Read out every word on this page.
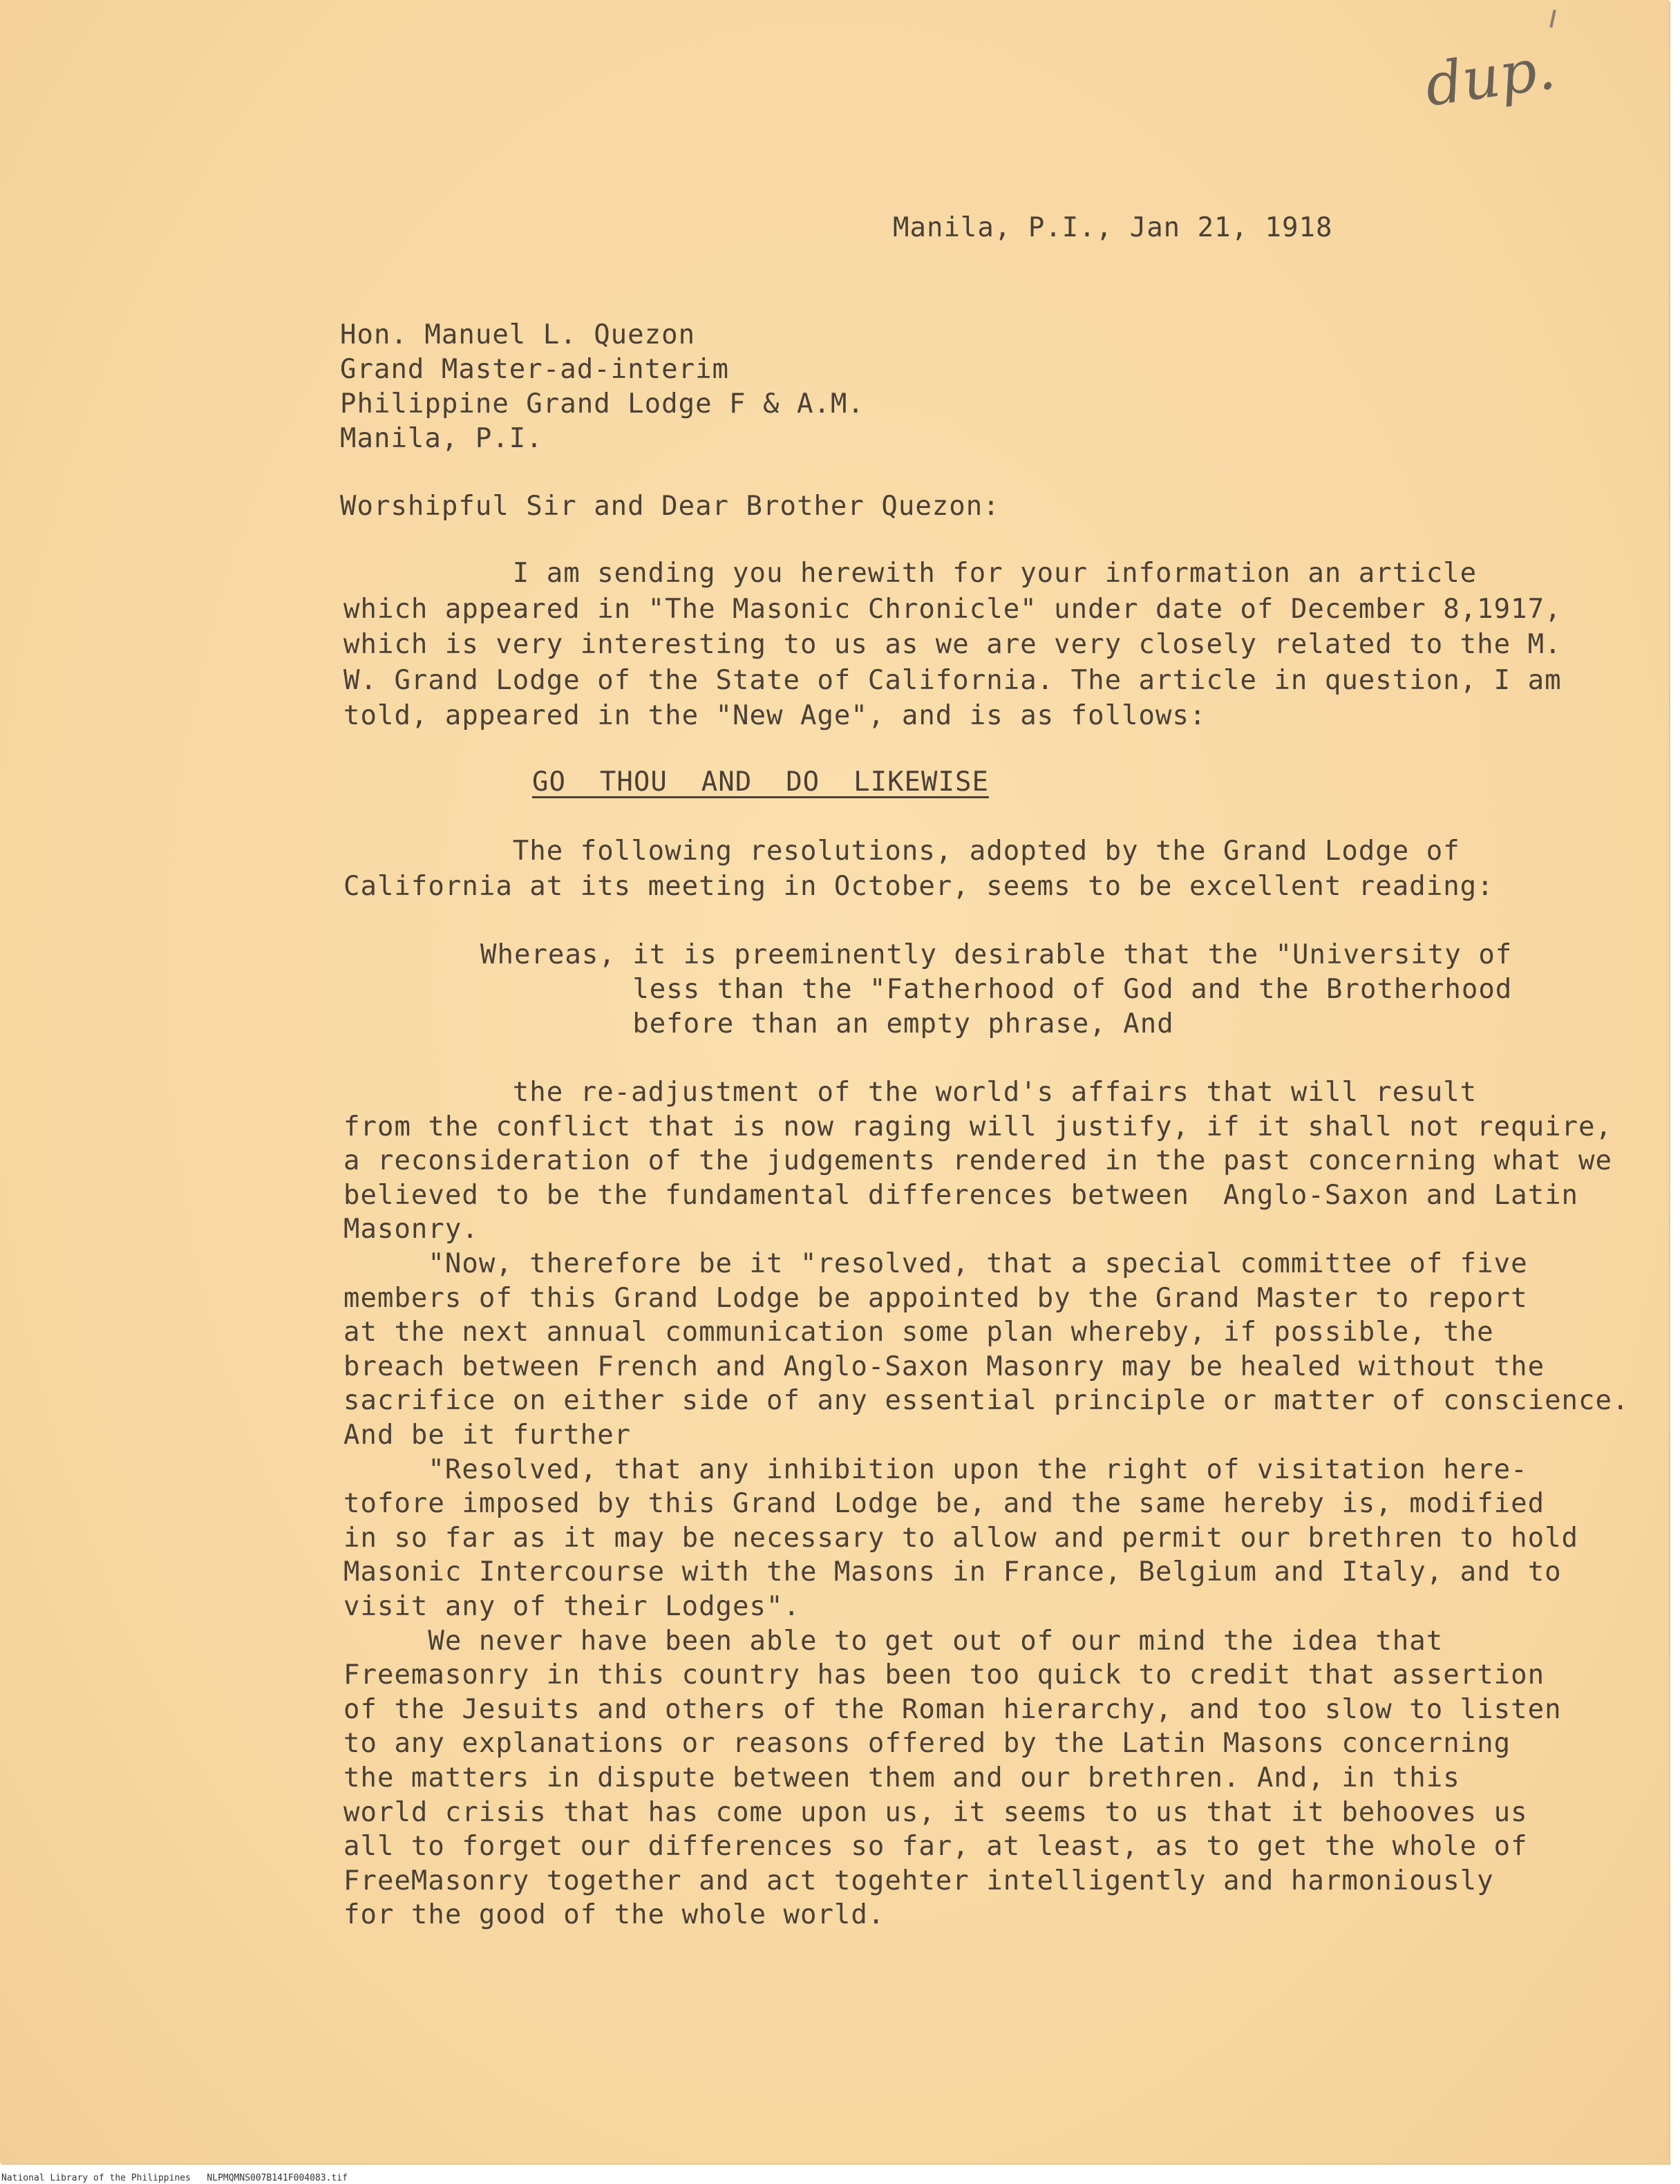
dup.
Manila, P.I., Jan 21, 1918
Hon. Manuel L. Quezon
Grand Master-ad-interim
Philippine Grand Lodge F & A.M.
Manila, P.I.
Worshipful Sir and Dear Brother Quezon:
I am sending you herewith for your information an article
which appeared in "The Masonic Chronicle" under date of December 8,1917,
which is very interesting to us as we are very closely related to the M.
W. Grand Lodge of the State of California. The article in question, I am
told, appeared in the "New Age", and is as follows:
GO  THOU  AND  DO  LIKEWISE
The following resolutions, adopted by the Grand Lodge of
California at its meeting in October, seems to be excellent reading:
Whereas, it is preeminently desirable that the "University of
less than the "Fatherhood of God and the Brotherhood
before than an empty phrase, And
the re-adjustment of the world's affairs that will result
from the conflict that is now raging will justify, if it shall not require,
a reconsideration of the judgements rendered in the past concerning what we
believed to be the fundamental differences between  Anglo-Saxon and Latin
Masonry.
"Now, therefore be it "resolved, that a special committee of five
members of this Grand Lodge be appointed by the Grand Master to report
at the next annual communication some plan whereby, if possible, the
breach between French and Anglo-Saxon Masonry may be healed without the
sacrifice on either side of any essential principle or matter of conscience.
And be it further
"Resolved, that any inhibition upon the right of visitation here-
tofore imposed by this Grand Lodge be, and the same hereby is, modified
in so far as it may be necessary to allow and permit our brethren to hold
Masonic Intercourse with the Masons in France, Belgium and Italy, and to
visit any of their Lodges".
We never have been able to get out of our mind the idea that
Freemasonry in this country has been too quick to credit that assertion
of the Jesuits and others of the Roman hierarchy, and too slow to listen
to any explanations or reasons offered by the Latin Masons concerning
the matters in dispute between them and our brethren. And, in this
world crisis that has come upon us, it seems to us that it behooves us
all to forget our differences so far, at least, as to get the whole of
FreeMasonry together and act togehter intelligently and harmoniously
for the good of the whole world.
National Library of the Philippines   NLPMQMNS007B141F004083.tif
